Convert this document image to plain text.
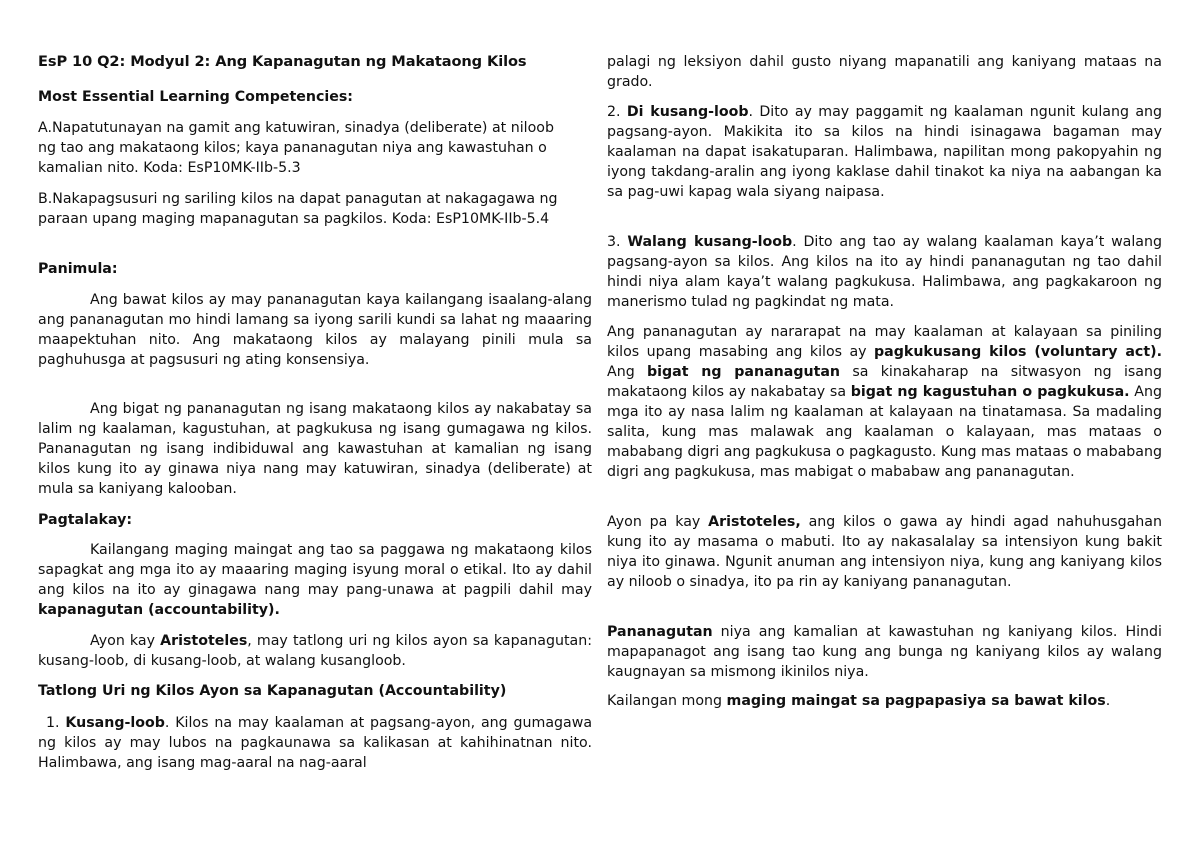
EsP 10 Q2: Modyul 2: Ang Kapanagutan ng Makataong Kilos

Most Essential Learning Competencies:

A.Napatutunayan na gamit ang katuwiran, sinadya (deliberate) at niloob ng tao ang makataong kilos; kaya pananagutan niya ang kawastuhan o kamalian nito. Koda: EsP10MK-IIb-5.3

B.Nakapagsusuri ng sariling kilos na dapat panagutan at nakagagawa ng paraan upang maging mapanagutan sa pagkilos. Koda: EsP10MK-IIb-5.4

Panimula:

Ang bawat kilos ay may pananagutan kaya kailangang isaalang-alang ang pananagutan mo hindi lamang sa iyong sarili kundi sa lahat ng maaaring maapektuhan nito. Ang makataong kilos ay malayang pinili mula sa paghuhusga at pagsusuri ng ating konsensiya.

Ang bigat ng pananagutan ng isang makataong kilos ay nakabatay sa lalim ng kaalaman, kagustuhan, at pagkukusa ng isang gumagawa ng kilos. Pananagutan ng isang indibiduwal ang kawastuhan at kamalian ng isang kilos kung ito ay ginawa niya nang may katuwiran, sinadya (deliberate) at mula sa kaniyang kalooban.

Pagtalakay:

Kailangang maging maingat ang tao sa paggawa ng makataong kilos sapagkat ang mga ito ay maaaring maging isyung moral o etikal. Ito ay dahil ang kilos na ito ay ginagawa nang may pang-unawa at pagpili dahil may kapanagutan (accountability).

Ayon kay Aristoteles, may tatlong uri ng kilos ayon sa kapanagutan: kusang-loob, di kusang-loob, at walang kusangloob.

Tatlong Uri ng Kilos Ayon sa Kapanagutan (Accountability)

1. Kusang-loob. Kilos na may kaalaman at pagsang-ayon, ang gumagawa ng kilos ay may lubos na pagkaunawa sa kalikasan at kahihinatnan nito. Halimbawa, ang isang mag-aaral na nag-aaral

palagi ng leksiyon dahil gusto niyang mapanatili ang kaniyang mataas na grado.

2. Di kusang-loob. Dito ay may paggamit ng kaalaman ngunit kulang ang pagsang-ayon. Makikita ito sa kilos na hindi isinagawa bagaman may kaalaman na dapat isakatuparan. Halimbawa, napilitan mong pakopyahin ng iyong takdang-aralin ang iyong kaklase dahil tinakot ka niya na aabangan ka sa pag-uwi kapag wala siyang naipasa.

3. Walang kusang-loob. Dito ang tao ay walang kaalaman kaya’t walang pagsang-ayon sa kilos. Ang kilos na ito ay hindi pananagutan ng tao dahil hindi niya alam kaya’t walang pagkukusa. Halimbawa, ang pagkakaroon ng manerismo tulad ng pagkindat ng mata.

Ang pananagutan ay nararapat na may kaalaman at kalayaan sa piniling kilos upang masabing ang kilos ay pagkukusang kilos (voluntary act). Ang bigat ng pananagutan sa kinakaharap na sitwasyon ng isang makataong kilos ay nakabatay sa bigat ng kagustuhan o pagkukusa. Ang mga ito ay nasa lalim ng kaalaman at kalayaan na tinatamasa. Sa madaling salita, kung mas malawak ang kaalaman o kalayaan, mas mataas o mababang digri ang pagkukusa o pagkagusto. Kung mas mataas o mababang digri ang pagkukusa, mas mabigat o mababaw ang pananagutan.

Ayon pa kay Aristoteles, ang kilos o gawa ay hindi agad nahuhusgahan kung ito ay masama o mabuti. Ito ay nakasalalay sa intensiyon kung bakit niya ito ginawa. Ngunit anuman ang intensiyon niya, kung ang kaniyang kilos ay niloob o sinadya, ito pa rin ay kaniyang pananagutan.

Pananagutan niya ang kamalian at kawastuhan ng kaniyang kilos. Hindi mapapanagot ang isang tao kung ang bunga ng kaniyang kilos ay walang kaugnayan sa mismong ikinilos niya.

Kailangan mong maging maingat sa pagpapasiya sa bawat kilos.
